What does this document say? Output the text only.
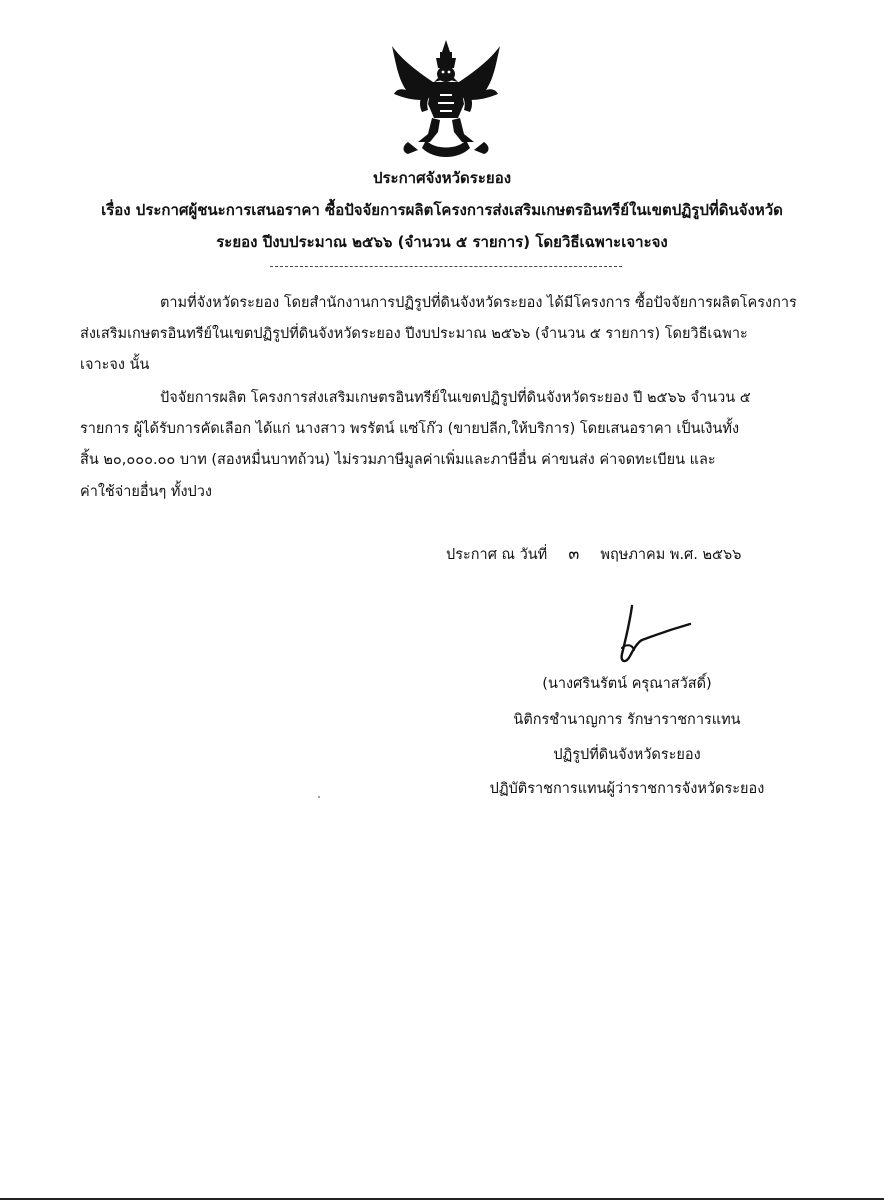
ประกาศจังหวัดระยอง
เรื่อง ประกาศผู้ชนะการเสนอราคา ซื้อปัจจัยการผลิตโครงการส่งเสริมเกษตรอินทรีย์ในเขตปฏิรูปที่ดินจังหวัด
ระยอง ปีงบประมาณ ๒๕๖๖ (จำนวน ๕ รายการ) โดยวิธีเฉพาะเจาะจง
ตามที่จังหวัดระยอง โดยสำนักงานการปฏิรูปที่ดินจังหวัดระยอง ได้มีโครงการ ซื้อปัจจัยการผลิตโครงการ
ส่งเสริมเกษตรอินทรีย์ในเขตปฏิรูปที่ดินจังหวัดระยอง ปีงบประมาณ ๒๕๖๖ (จำนวน ๕ รายการ) โดยวิธีเฉพาะ
เจาะจง นั้น
ปัจจัยการผลิต โครงการส่งเสริมเกษตรอินทรีย์ในเขตปฏิรูปที่ดินจังหวัดระยอง ปี ๒๕๖๖ จำนวน ๕
รายการ ผู้ได้รับการคัดเลือก ได้แก่ นางสาว พรรัตน์ แซ่โก๊ว (ขายปลีก,ให้บริการ) โดยเสนอราคา เป็นเงินทั้ง
สิ้น ๒๐,๐๐๐.๐๐ บาท (สองหมื่นบาทถ้วน) ไม่รวมภาษีมูลค่าเพิ่มและภาษีอื่น ค่าขนส่ง ค่าจดทะเบียน และ
ค่าใช้จ่ายอื่นๆ ทั้งปวง
ประกาศ ณ วันที่ ๓ พฤษภาคม พ.ศ. ๒๕๖๖
(นางศรินรัตน์ ครุณาสวัสดิ์)
นิติกรชำนาญการ รักษาราชการแทน
ปฏิรูปที่ดินจังหวัดระยอง
ปฏิบัติราชการแทนผู้ว่าราชการจังหวัดระยอง
